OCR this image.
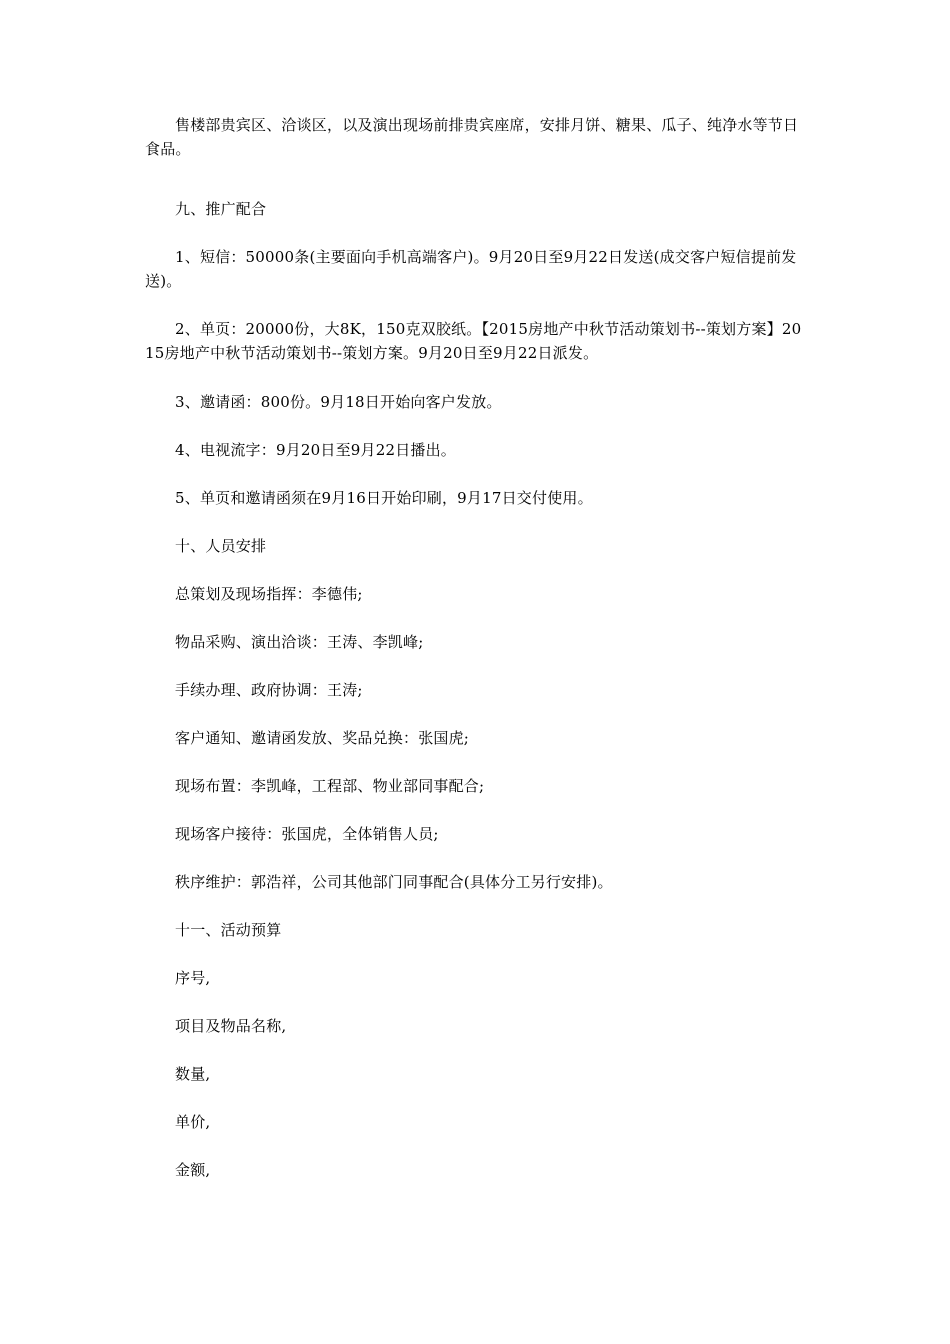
售楼部贵宾区、洽谈区，以及演出现场前排贵宾座席，安排月饼、糖果、瓜子、纯净水等节日食品。

九、推广配合

1、短信：50000条(主要面向手机高端客户)。9月20日至9月22日发送(成交客户短信提前发送)。

2、单页：20000份，大8K，150克双胶纸。【2015房地产中秋节活动策划书--策划方案】2015房地产中秋节活动策划书--策划方案。9月20日至9月22日派发。

3、邀请函：800份。9月18日开始向客户发放。

4、电视流字：9月20日至9月22日播出。

5、单页和邀请函须在9月16日开始印刷，9月17日交付使用。

十、人员安排

总策划及现场指挥：李德伟;

物品采购、演出洽谈：王涛、李凯峰;

手续办理、政府协调：王涛;

客户通知、邀请函发放、奖品兑换：张国虎;

现场布置：李凯峰，工程部、物业部同事配合;

现场客户接待：张国虎，全体销售人员;

秩序维护：郭浩祥，公司其他部门同事配合(具体分工另行安排)。

十一、活动预算

序号,

项目及物品名称,

数量,

单价,

金额,
